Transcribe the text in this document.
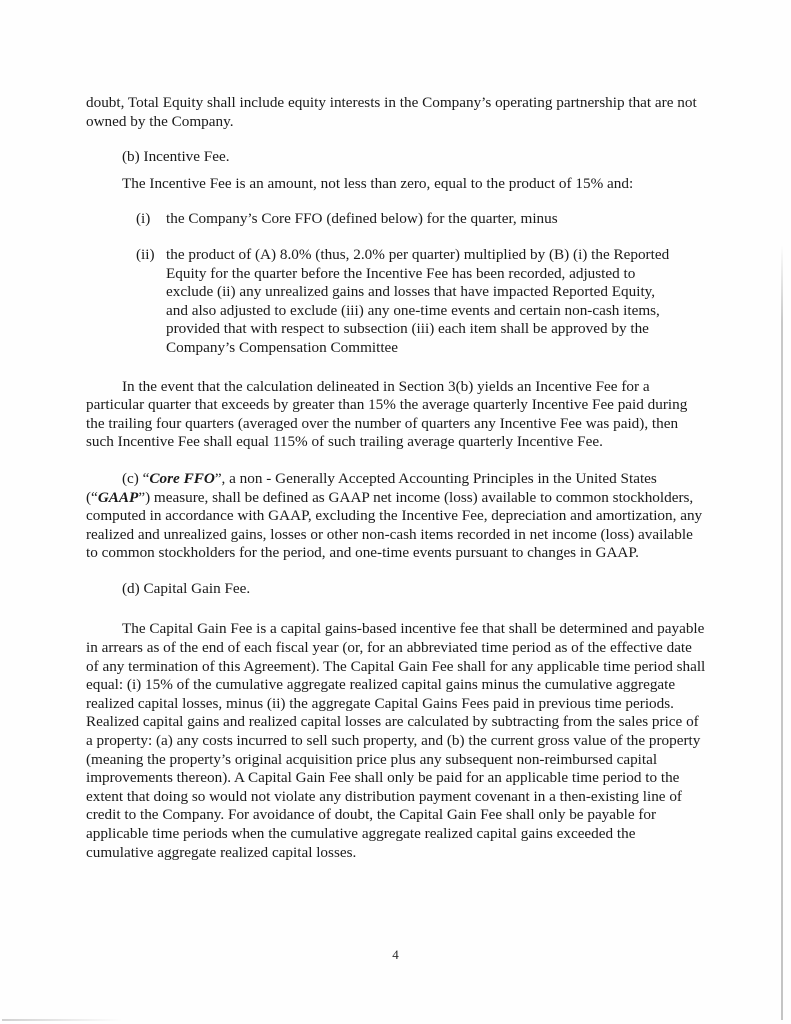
doubt, Total Equity shall include equity interests in the Company’s operating partnership that are not owned by the Company.

(b) Incentive Fee.

The Incentive Fee is an amount, not less than zero, equal to the product of 15% and:

(i)	the Company’s Core FFO (defined below) for the quarter, minus
(ii) the product of (A) 8.0% (thus, 2.0% per quarter) multiplied by (B) (i) the Reported Equity for the quarter before the Incentive Fee has been recorded, adjusted to exclude (ii) any unrealized gains and losses that have impacted Reported Equity, and also adjusted to exclude (iii) any one-time events and certain non-cash items, provided that with respect to subsection (iii) each item shall be approved by the Company’s Compensation Committee

In the event that the calculation delineated in Section 3(b) yields an Incentive Fee for a particular quarter that exceeds by greater than 15% the average quarterly Incentive Fee paid during the trailing four quarters (averaged over the number of quarters any Incentive Fee was paid), then such Incentive Fee shall equal 115% of such trailing average quarterly Incentive Fee.

(c) “Core FFO”, a non - Generally Accepted Accounting Principles in the United States (“GAAP”) measure, shall be defined as GAAP net income (loss) available to common stockholders, computed in accordance with GAAP, excluding the Incentive Fee, depreciation and amortization, any realized and unrealized gains, losses or other non-cash items recorded in net income (loss) available to common stockholders for the period, and one-time events pursuant to changes in GAAP.

(d) Capital Gain Fee.

The Capital Gain Fee is a capital gains-based incentive fee that shall be determined and payable in arrears as of the end of each fiscal year (or, for an abbreviated time period as of the effective date of any termination of this Agreement). The Capital Gain Fee shall for any applicable time period shall equal: (i) 15% of the cumulative aggregate realized capital gains minus the cumulative aggregate realized capital losses, minus (ii) the aggregate Capital Gains Fees paid in previous time periods. Realized capital gains and realized capital losses are calculated by subtracting from the sales price of a property: (a) any costs incurred to sell such property, and (b) the current gross value of the property (meaning the property’s original acquisition price plus any subsequent non-reimbursed capital improvements thereon). A Capital Gain Fee shall only be paid for an applicable time period to the extent that doing so would not violate any distribution payment covenant in a then-existing line of credit to the Company. For avoidance of doubt, the Capital Gain Fee shall only be payable for applicable time periods when the cumulative aggregate realized capital gains exceeded the cumulative aggregate realized capital losses.

4
